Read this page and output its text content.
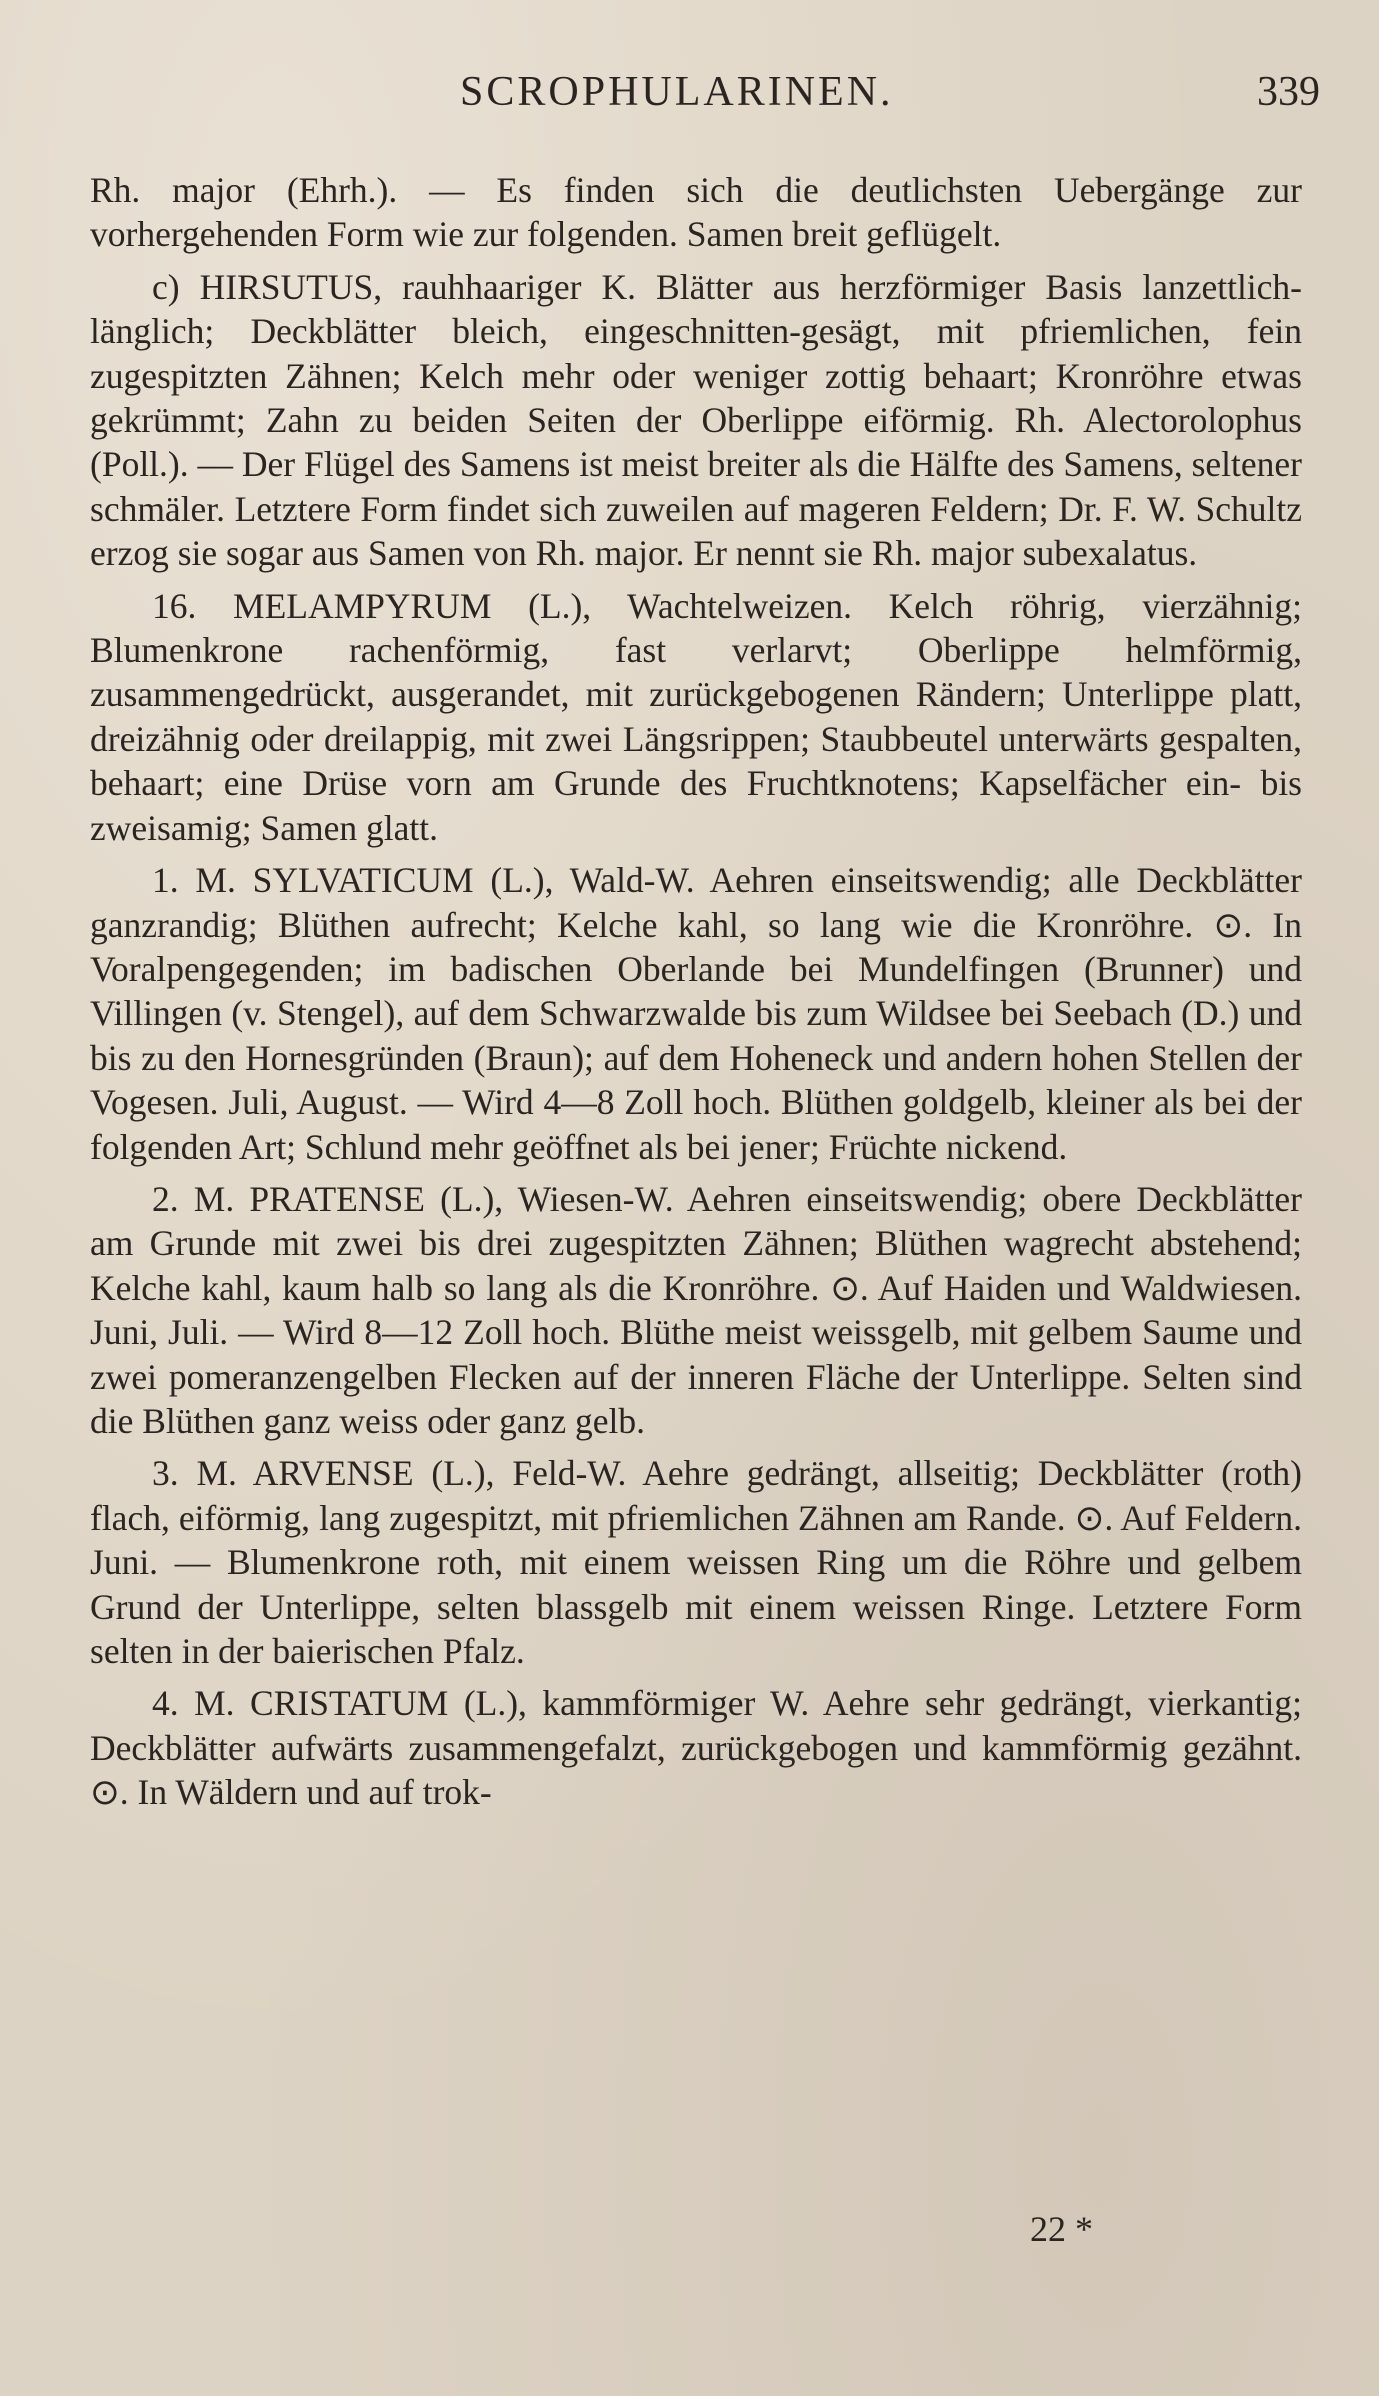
SCROPHULARINEN.	339

Rh. major (Ehrh.). — Es finden sich die deutlichsten Uebergänge zur vorhergehenden Form wie zur folgenden. Samen breit geflügelt.

c) HIRSUTUS, rauhhaariger K. Blätter aus herzförmiger Basis lanzettlich-länglich; Deckblätter bleich, eingeschnitten-gesägt, mit pfriemlichen, fein zugespitzten Zähnen; Kelch mehr oder weniger zottig behaart; Kronröhre etwas gekrümmt; Zahn zu beiden Seiten der Oberlippe eiförmig. Rh. Alectorolophus (Poll.). — Der Flügel des Samens ist meist breiter als die Hälfte des Samens, seltener schmäler. Letztere Form findet sich zuweilen auf mageren Feldern; Dr. F. W. Schultz erzog sie sogar aus Samen von Rh. major. Er nennt sie Rh. major subexalatus.

16. MELAMPYRUM (L.), Wachtelweizen. Kelch röhrig, vierzähnig; Blumenkrone rachenförmig, fast verlarvt; Oberlippe helmförmig, zusammengedrückt, ausgerandet, mit zurückgebogenen Rändern; Unterlippe platt, dreizähnig oder dreilappig, mit zwei Längsrippen; Staubbeutel unterwärts gespalten, behaart; eine Drüse vorn am Grunde des Fruchtknotens; Kapselfächer ein- bis zweisamig; Samen glatt.

1. M. SYLVATICUM (L.), Wald-W. Aehren einseitswendig; alle Deckblätter ganzrandig; Blüthen aufrecht; Kelche kahl, so lang wie die Kronröhre. ⊙. In Voralpengegenden; im badischen Oberlande bei Mundelfingen (Brunner) und Villingen (v. Stengel), auf dem Schwarzwalde bis zum Wildsee bei Seebach (D.) und bis zu den Hornesgründen (Braun); auf dem Hoheneck und andern hohen Stellen der Vogesen. Juli, August. — Wird 4—8 Zoll hoch. Blüthen goldgelb, kleiner als bei der folgenden Art; Schlund mehr geöffnet als bei jener; Früchte nickend.

2. M. PRATENSE (L.), Wiesen-W. Aehren einseitswendig; obere Deckblätter am Grunde mit zwei bis drei zugespitzten Zähnen; Blüthen wagrecht abstehend; Kelche kahl, kaum halb so lang als die Kronröhre. ⊙. Auf Haiden und Waldwiesen. Juni, Juli. — Wird 8—12 Zoll hoch. Blüthe meist weissgelb, mit gelbem Saume und zwei pomeranzengelben Flecken auf der inneren Fläche der Unterlippe. Selten sind die Blüthen ganz weiss oder ganz gelb.

3. M. ARVENSE (L.), Feld-W. Aehre gedrängt, allseitig; Deckblätter (roth) flach, eiförmig, lang zugespitzt, mit pfriemlichen Zähnen am Rande. ⊙. Auf Feldern. Juni. — Blumenkrone roth, mit einem weissen Ring um die Röhre und gelbem Grund der Unterlippe, selten blassgelb mit einem weissen Ringe. Letztere Form selten in der baierischen Pfalz.

4. M. CRISTATUM (L.), kammförmiger W. Aehre sehr gedrängt, vierkantig; Deckblätter aufwärts zusammengefalzt, zurückgebogen und kammförmig gezähnt. ⊙. In Wäldern und auf trok-

22 *
